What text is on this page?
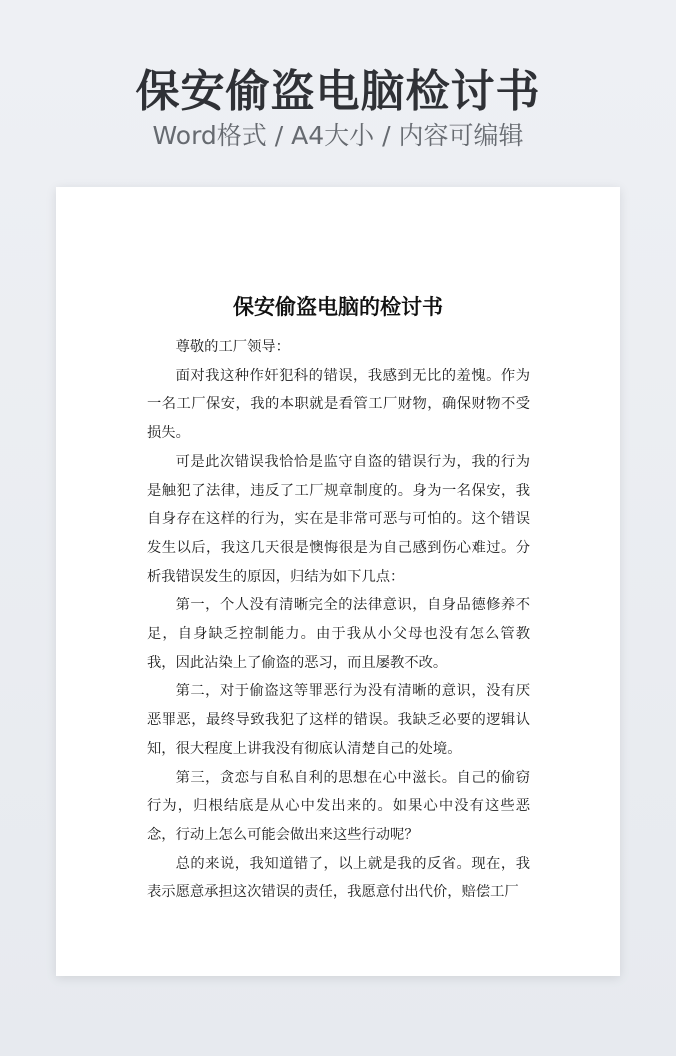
保安偷盗电脑检讨书
Word格式 / A4大小 / 内容可编辑
保安偷盗电脑的检讨书

尊敬的工厂领导：

面对我这种作奸犯科的错误，我感到无比的羞愧。作为一名工厂保安，我的本职就是看管工厂财物，确保财物不受损失。

可是此次错误我恰恰是监守自盗的错误行为，我的行为是触犯了法律，违反了工厂规章制度的。身为一名保安，我自身存在这样的行为，实在是非常可恶与可怕的。这个错误发生以后，我这几天很是懊悔很是为自己感到伤心难过。分析我错误发生的原因，归结为如下几点：

第一，个人没有清晰完全的法律意识，自身品德修养不足，自身缺乏控制能力。由于我从小父母也没有怎么管教我，因此沾染上了偷盗的恶习，而且屡教不改。

第二，对于偷盗这等罪恶行为没有清晰的意识，没有厌恶罪恶，最终导致我犯了这样的错误。我缺乏必要的逻辑认知，很大程度上讲我没有彻底认清楚自己的处境。

第三，贪恋与自私自利的思想在心中滋长。自己的偷窃行为，归根结底是从心中发出来的。如果心中没有这些恶念，行动上怎么可能会做出来这些行动呢？

总的来说，我知道错了，以上就是我的反省。现在，我表示愿意承担这次错误的责任，我愿意付出代价，赔偿工厂
